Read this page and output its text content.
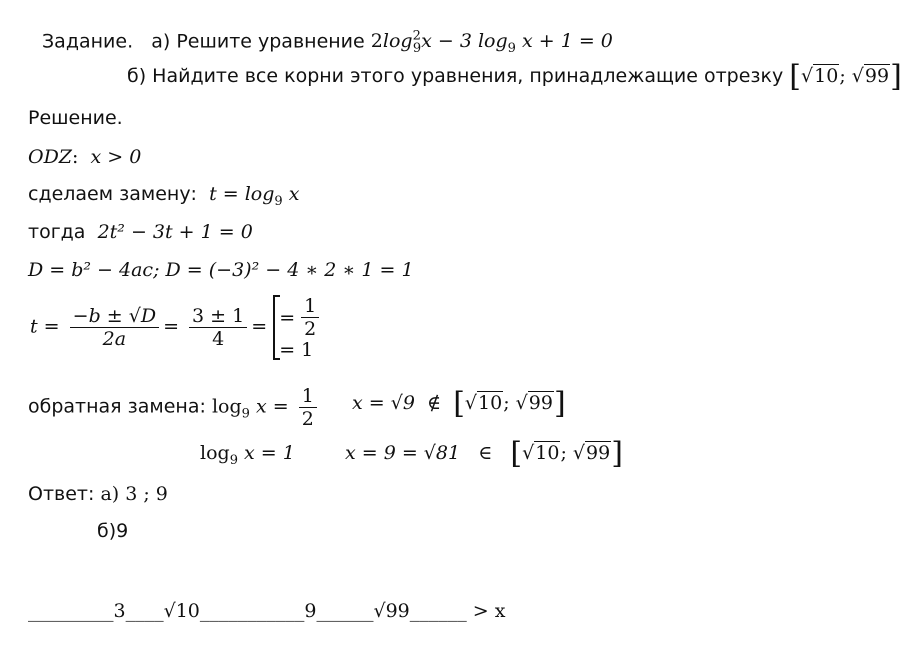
Задание. а) Решите уравнение $2\log^2_9x - 3$ $\log_9 x + 1 = 0$
б) Найдите все корни этого уравнения, принадлежащие отрезку [√10; √99]
Решение.
ODZ:  x > 0
сделаем замену: $t = \log_9 x$
тогда 2t² − 3t + 1 = 0
D = b² − 4ac; D = (−3)² − 4 ∗ 2 ∗ 1 = 1
$t = \frac{-b \pm √D}{2a} = \frac{3 \pm 1}{4}$ = = $\frac{1}{2}$
= 1
обратная замена: $\log_9 x = \frac{1}{2}$ x = √9 ∉ [√10; √99]
$\log_9 x = 1$	x = 9 = √81 ∈ [√10; √99]
Ответ: а) 3 ; 9
б)9
_________3____√10___________9______√99______ > x
